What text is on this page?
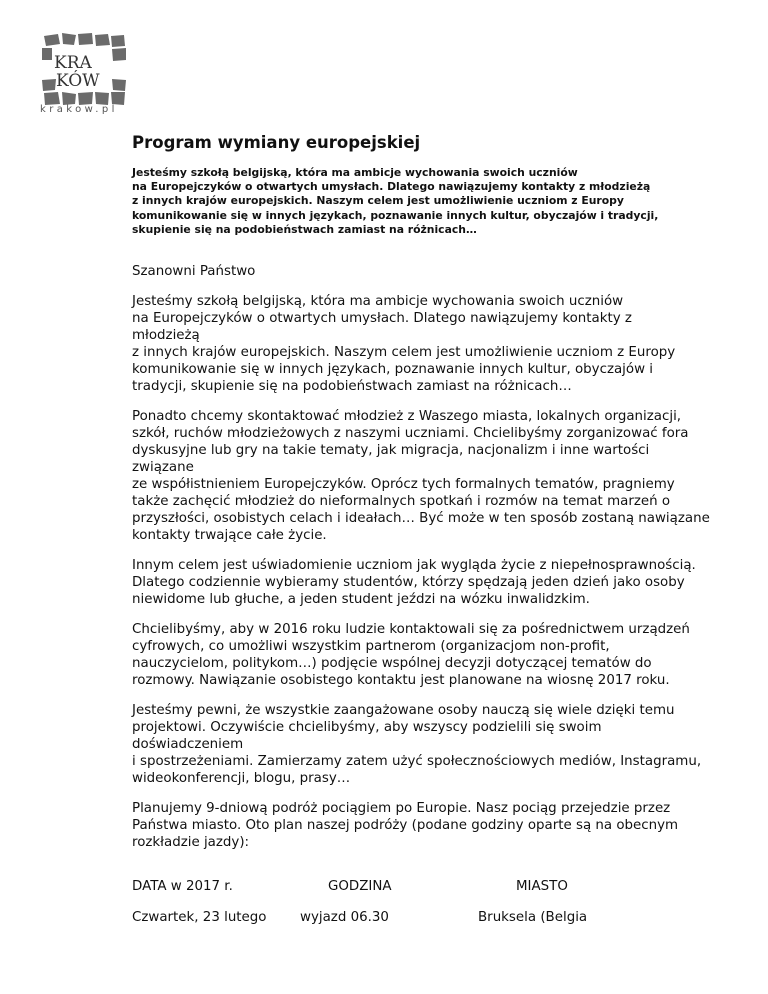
KRA
KÓW
krakow.pl
Program wymiany europejskiej

Jesteśmy szkołą belgijską, która ma ambicje wychowania swoich uczniów
na Europejczyków o otwartych umysłach. Dlatego nawiązujemy kontakty z młodzieżą
z innych krajów europejskich. Naszym celem jest umożliwienie uczniom z Europy
komunikowanie się w innych językach, poznawanie innych kultur, obyczajów i tradycji,
skupienie się na podobieństwach zamiast na różnicach…

Szanowni Państwo

Jesteśmy szkołą belgijską, która ma ambicje wychowania swoich uczniów
na Europejczyków o otwartych umysłach. Dlatego nawiązujemy kontakty z
młodzieżą
z innych krajów europejskich. Naszym celem jest umożliwienie uczniom z Europy
komunikowanie się w innych językach, poznawanie innych kultur, obyczajów i
tradycji, skupienie się na podobieństwach zamiast na różnicach…

Ponadto chcemy skontaktować młodzież z Waszego miasta, lokalnych organizacji,
szkół, ruchów młodzieżowych z naszymi uczniami. Chcielibyśmy zorganizować fora
dyskusyjne lub gry na takie tematy, jak migracja, nacjonalizm i inne wartości
związane
ze współistnieniem Europejczyków. Oprócz tych formalnych tematów, pragniemy
także zachęcić młodzież do nieformalnych spotkań i rozmów na temat marzeń o
przyszłości, osobistych celach i ideałach… Być może w ten sposób zostaną nawiązane
kontakty trwające całe życie.

Innym celem jest uświadomienie uczniom jak wygląda życie z niepełnosprawnością.
Dlatego codziennie wybieramy studentów, którzy spędzają jeden dzień jako osoby
niewidome lub głuche, a jeden student jeździ na wózku inwalidzkim.

Chcielibyśmy, aby w 2016 roku ludzie kontaktowali się za pośrednictwem urządzeń
cyfrowych, co umożliwi wszystkim partnerom (organizacjom non-profit,
nauczycielom, politykom…) podjęcie wspólnej decyzji dotyczącej tematów do
rozmowy. Nawiązanie osobistego kontaktu jest planowane na wiosnę 2017 roku.

Jesteśmy pewni, że wszystkie zaangażowane osoby nauczą się wiele dzięki temu
projektowi. Oczywiście chcielibyśmy, aby wszyscy podzielili się swoim
doświadczeniem
i spostrzeżeniami. Zamierzamy zatem użyć społecznościowych mediów, Instagramu,
wideokonferencji, blogu, prasy…

Planujemy 9-dniową podróż pociągiem po Europie. Nasz pociąg przejedzie przez
Państwa miasto. Oto plan naszej podróży (podane godziny oparte są na obecnym
rozkładzie jazdy):

DATA w 2017 r.	GODZINA	MIASTO
Czwartek, 23 lutego	wyjazd 06.30	Bruksela (Belgia
